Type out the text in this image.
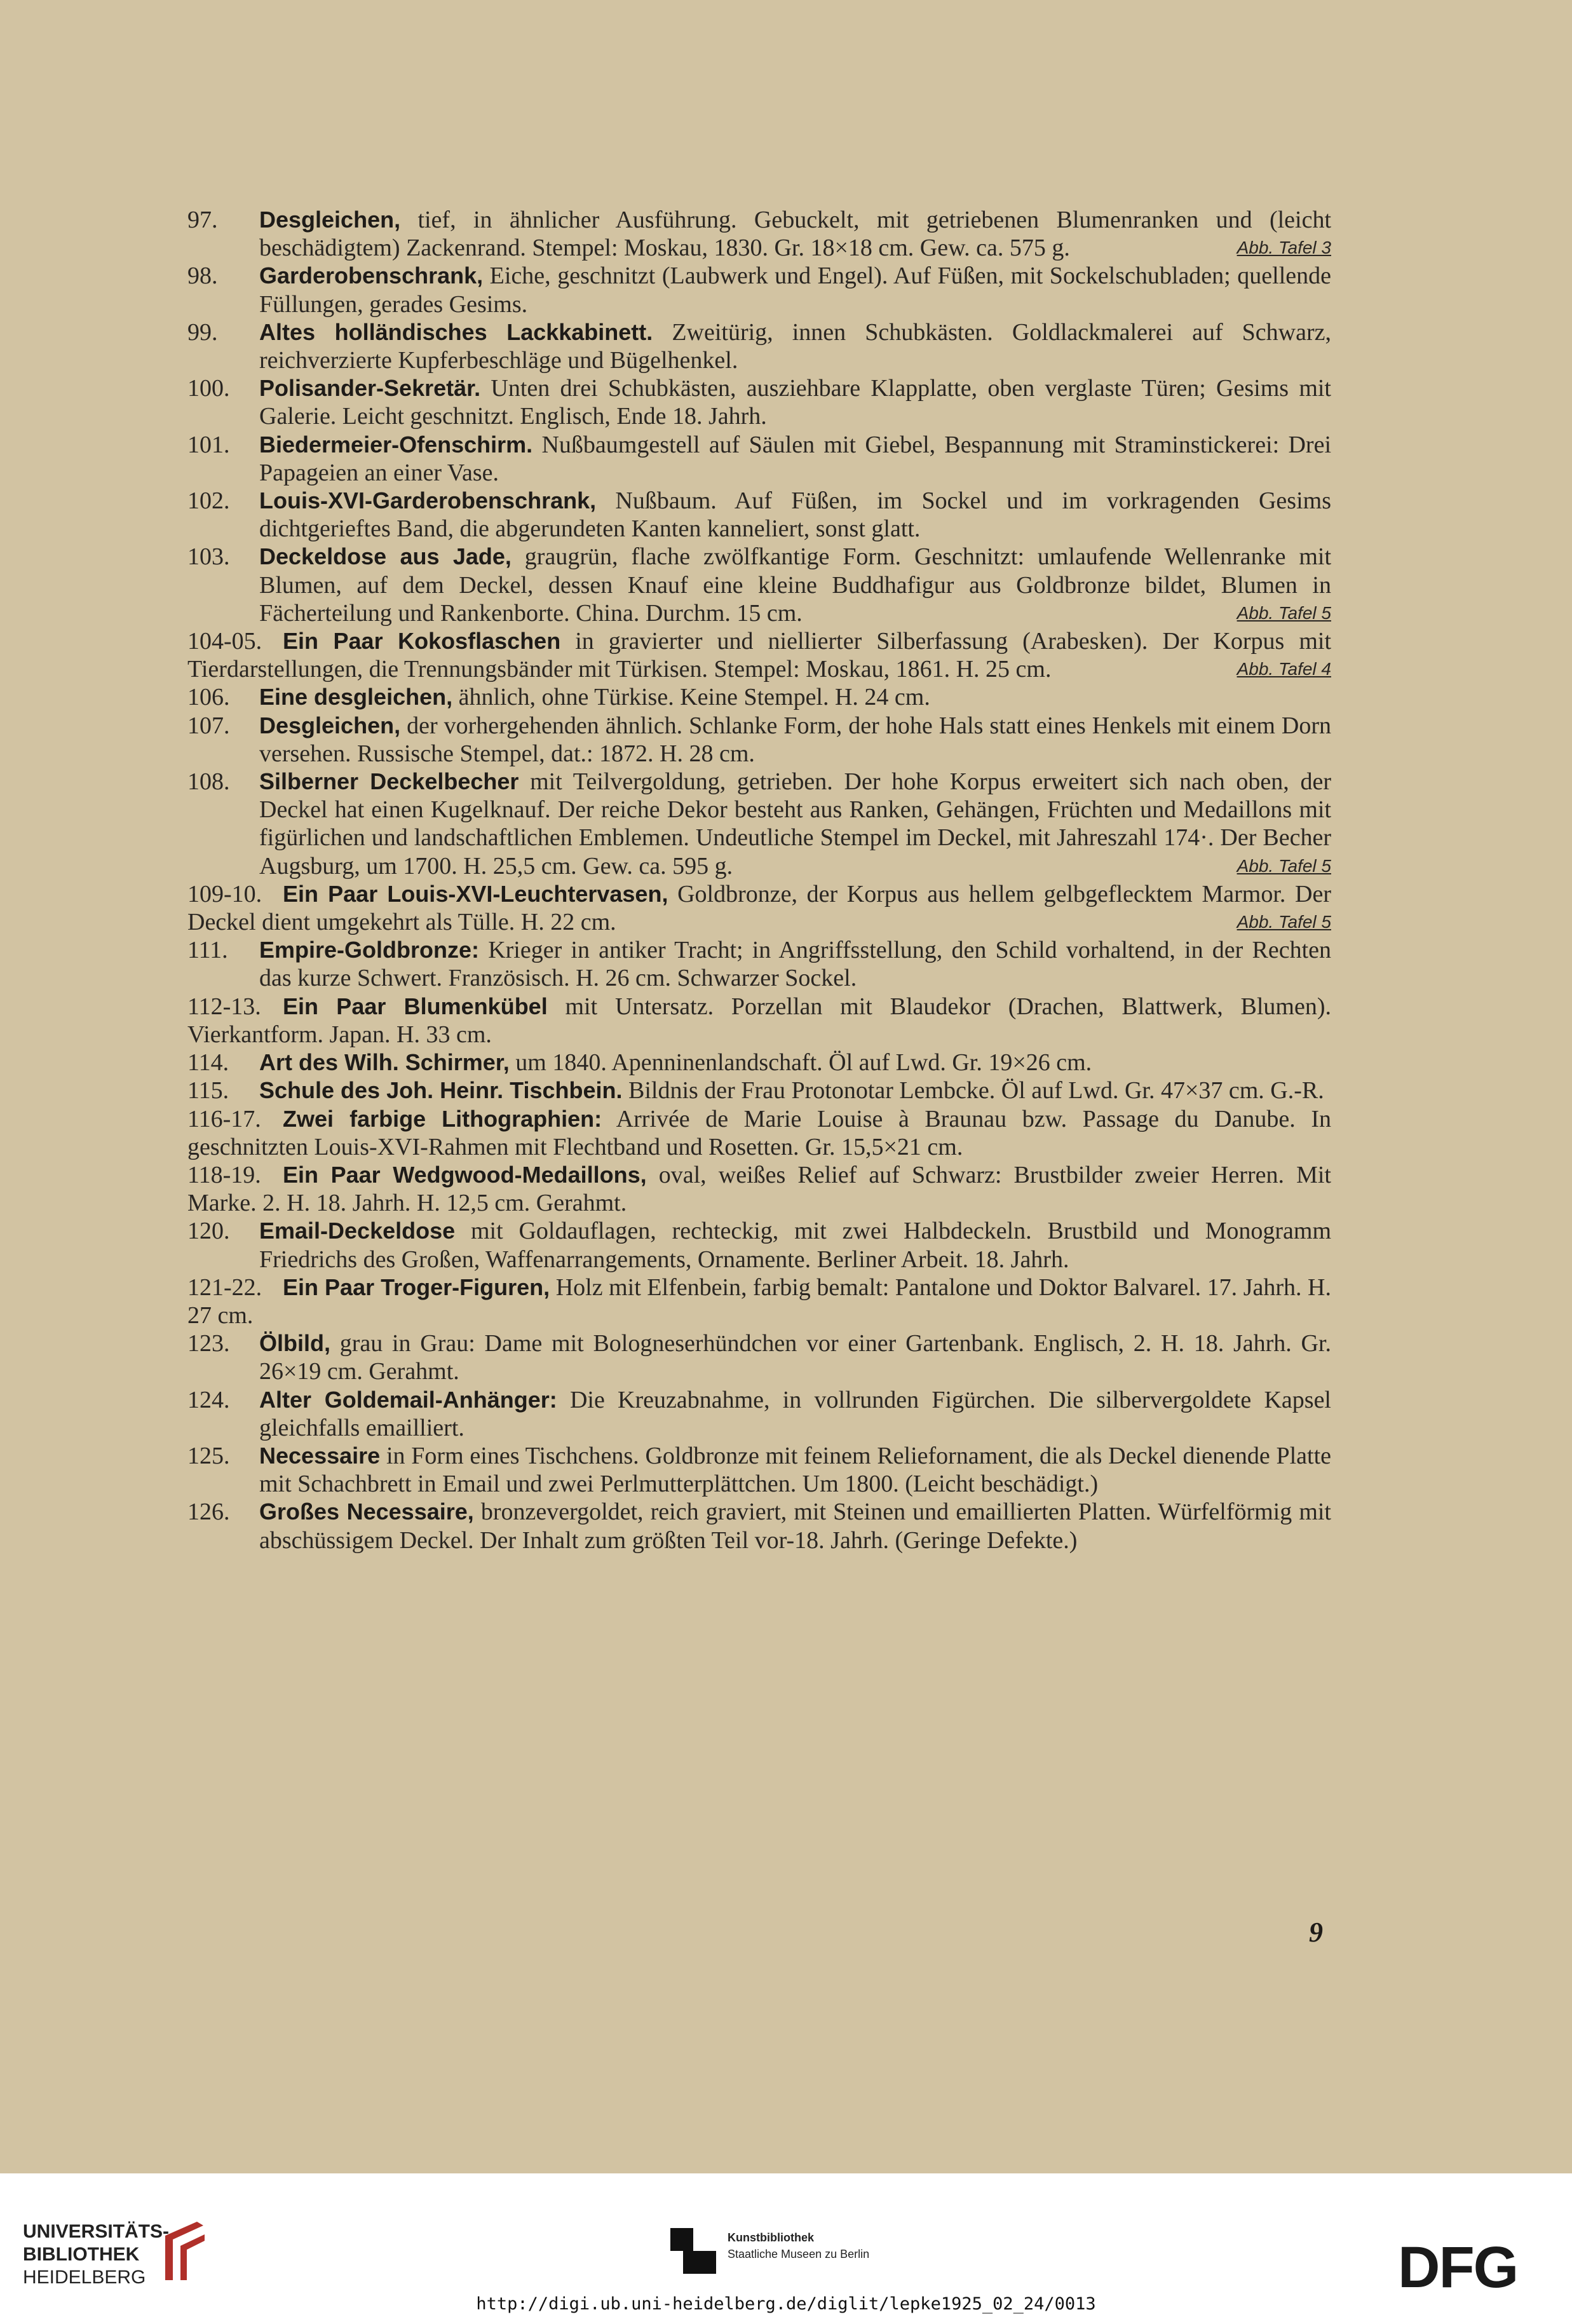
97.	Desgleichen, tief, in ähnlicher Ausführung. Gebuckelt, mit getriebenen Blumenranken und (leicht beschädigtem) Zackenrand. Stempel: Moskau, 1830. Gr. 18×18 cm. Gew. ca. 575 g.	Abb. Tafel 3
98.	Garderobenschrank, Eiche, geschnitzt (Laubwerk und Engel). Auf Füßen, mit Sockelschubladen; quellende Füllungen, gerades Gesims.
99.	Altes holländisches Lackkabinett. Zweitürig, innen Schubkästen. Goldlackmalerei auf Schwarz, reichverzierte Kupferbeschläge und Bügelhenkel.
100.	Polisander-Sekretär. Unten drei Schubkästen, ausziehbare Klapplatte, oben verglaste Türen; Gesims mit Galerie. Leicht geschnitzt. Englisch, Ende 18. Jahrh.
101.	Biedermeier-Ofenschirm. Nußbaumgestell auf Säulen mit Giebel, Bespannung mit Straminstickerei: Drei Papageien an einer Vase.
102.	Louis-XVI-Garderobenschrank, Nußbaum. Auf Füßen, im Sockel und im vorkragenden Gesims dichtgerieftes Band, die abgerundeten Kanten kanneliert, sonst glatt.
103.	Deckeldose aus Jade, graugrün, flache zwölfkantige Form. Geschnitzt: umlaufende Wellenranke mit Blumen, auf dem Deckel, dessen Knauf eine kleine Buddhafigur aus Goldbronze bildet, Blumen in Fächerteilung und Rankenborte. China. Durchm. 15 cm.	Abb. Tafel 5
104-05. Ein Paar Kokosflaschen in gravierter und niellierter Silberfassung (Arabesken). Der Korpus mit Tierdarstellungen, die Trennungsbänder mit Türkisen. Stempel: Moskau, 1861. H. 25 cm.	Abb. Tafel 4
106.	Eine desgleichen, ähnlich, ohne Türkise. Keine Stempel. H. 24 cm.
107.	Desgleichen, der vorhergehenden ähnlich. Schlanke Form, der hohe Hals statt eines Henkels mit einem Dorn versehen. Russische Stempel, dat.: 1872. H. 28 cm.
108.	Silberner Deckelbecher mit Teilvergoldung, getrieben. Der hohe Korpus erweitert sich nach oben, der Deckel hat einen Kugelknauf. Der reiche Dekor besteht aus Ranken, Gehängen, Früchten und Medaillons mit figürlichen und landschaftlichen Emblemen. Undeutliche Stempel im Deckel, mit Jahreszahl 174·. Der Becher Augsburg, um 1700. H. 25,5 cm. Gew. ca. 595 g.	Abb. Tafel 5
109-10. Ein Paar Louis-XVI-Leuchtervasen, Goldbronze, der Korpus aus hellem gelbgeflecktem Marmor. Der Deckel dient umgekehrt als Tülle. H. 22 cm.	Abb. Tafel 5
111.	Empire-Goldbronze: Krieger in antiker Tracht; in Angriffsstellung, den Schild vorhaltend, in der Rechten das kurze Schwert. Französisch. H. 26 cm. Schwarzer Sockel.
112-13. Ein Paar Blumenkübel mit Untersatz. Porzellan mit Blaudekor (Drachen, Blattwerk, Blumen). Vierkantform. Japan. H. 33 cm.
114.	Art des Wilh. Schirmer, um 1840. Apenninenlandschaft. Öl auf Lwd. Gr. 19×26 cm.
115.	Schule des Joh. Heinr. Tischbein. Bildnis der Frau Protonotar Lembcke. Öl auf Lwd. Gr. 47×37 cm. G.-R.
116-17. Zwei farbige Lithographien: Arrivée de Marie Louise à Braunau bzw. Passage du Danube. In geschnitzten Louis-XVI-Rahmen mit Flechtband und Rosetten. Gr. 15,5×21 cm.
118-19. Ein Paar Wedgwood-Medaillons, oval, weißes Relief auf Schwarz: Brustbilder zweier Herren. Mit Marke. 2. H. 18. Jahrh. H. 12,5 cm. Gerahmt.
120.	Email-Deckeldose mit Goldauflagen, rechteckig, mit zwei Halbdeckeln. Brustbild und Monogramm Friedrichs des Großen, Waffenarrangements, Ornamente. Berliner Arbeit. 18. Jahrh.
121-22. Ein Paar Troger-Figuren, Holz mit Elfenbein, farbig bemalt: Pantalone und Doktor Balvarel. 17. Jahrh. H. 27 cm.
123.	Ölbild, grau in Grau: Dame mit Bologneserhündchen vor einer Gartenbank. Englisch, 2. H. 18. Jahrh. Gr. 26×19 cm. Gerahmt.
124.	Alter Goldemail-Anhänger: Die Kreuzabnahme, in vollrunden Figürchen. Die silbervergoldete Kapsel gleichfalls emailliert.
125.	Necessaire in Form eines Tischchens. Goldbronze mit feinem Reliefornament, die als Deckel dienende Platte mit Schachbrett in Email und zwei Perlmutterplättchen. Um 1800. (Leicht beschädigt.)
126.	Großes Necessaire, bronzevergoldet, reich graviert, mit Steinen und emaillierten Platten. Würfelförmig mit abschüssigem Deckel. Der Inhalt zum größten Teil vor-18. Jahrh. (Geringe Defekte.)
9
UNIVERSITÄTS-
BIBLIOTHEK
HEIDELBERG
Kunstbibliothek
Staatliche Museen zu Berlin	DFG
http://digi.ub.uni-heidelberg.de/diglit/lepke1925_02_24/0013
